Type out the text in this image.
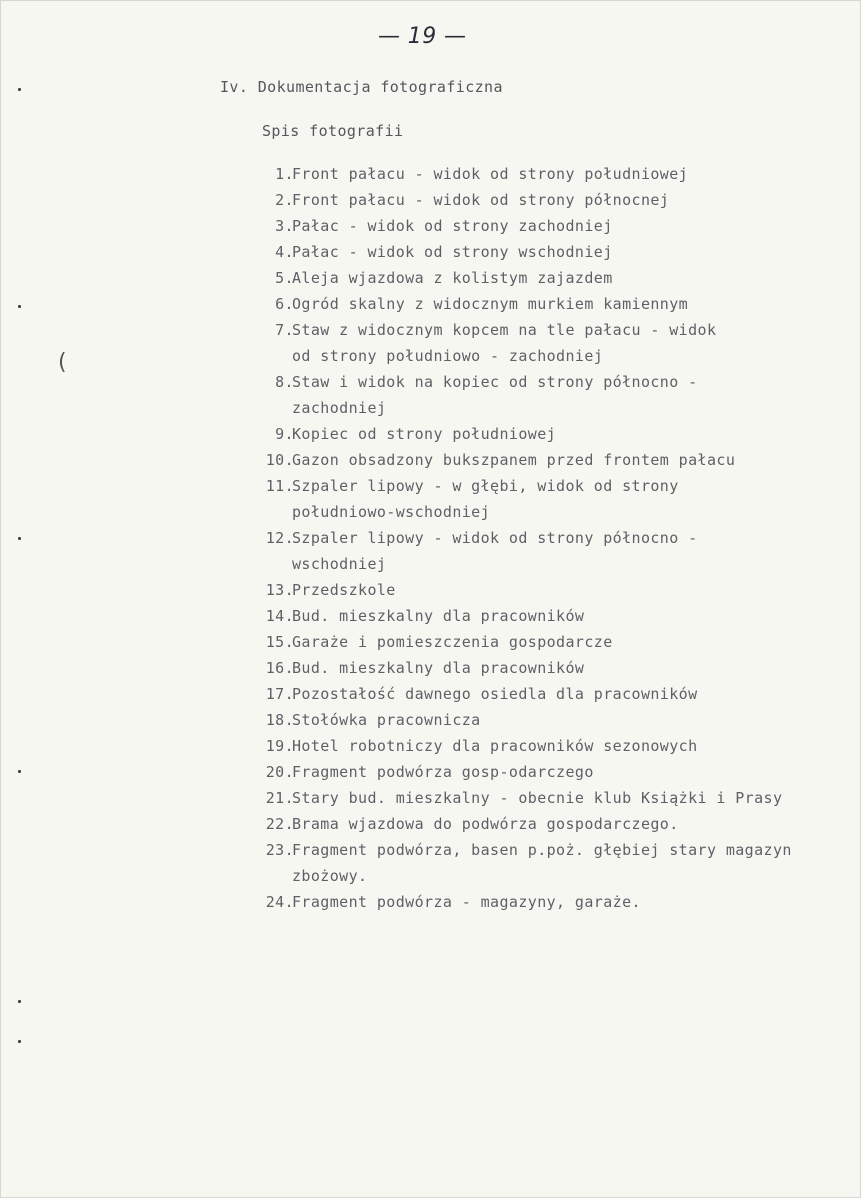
— 19 —
Iv. Dokumentacja fotograficzna
Spis fotografii
1.
Front pałacu - widok od strony południowej
2.
Front pałacu - widok od strony północnej
3.
Pałac - widok od strony zachodniej
4.
Pałac - widok od strony wschodniej
5.
Aleja wjazdowa z kolistym zajazdem
6.
Ogród skalny z widocznym murkiem kamiennym
7.
Staw z widocznym kopcem na tle pałacu - widok
od strony południowo - zachodniej
8.
Staw i widok na kopiec od strony północno -
zachodniej
9.
Kopiec od strony południowej
10.
Gazon obsadzony bukszpanem przed frontem pałacu
11.
Szpaler lipowy - w głębi, widok od strony
południowo-wschodniej
12.
Szpaler lipowy - widok od strony północno -
wschodniej
13.
Przedszkole
14.
Bud. mieszkalny dla pracowników
15.
Garaże i pomieszczenia gospodarcze
16.
Bud. mieszkalny dla pracowników
17.
Pozostałość dawnego osiedla dla pracowników
18.
Stołówka pracownicza
19.
Hotel robotniczy dla pracowników sezonowych
20.
Fragment podwórza gosp-odarczego
21.
Stary bud. mieszkalny - obecnie klub Książki i Prasy
22.
Brama wjazdowa do podwórza gospodarczego.
23.
Fragment podwórza, basen p.poż. głębiej stary magazyn
zbożowy.
24.
Fragment podwórza - magazyny, garaże.
(
